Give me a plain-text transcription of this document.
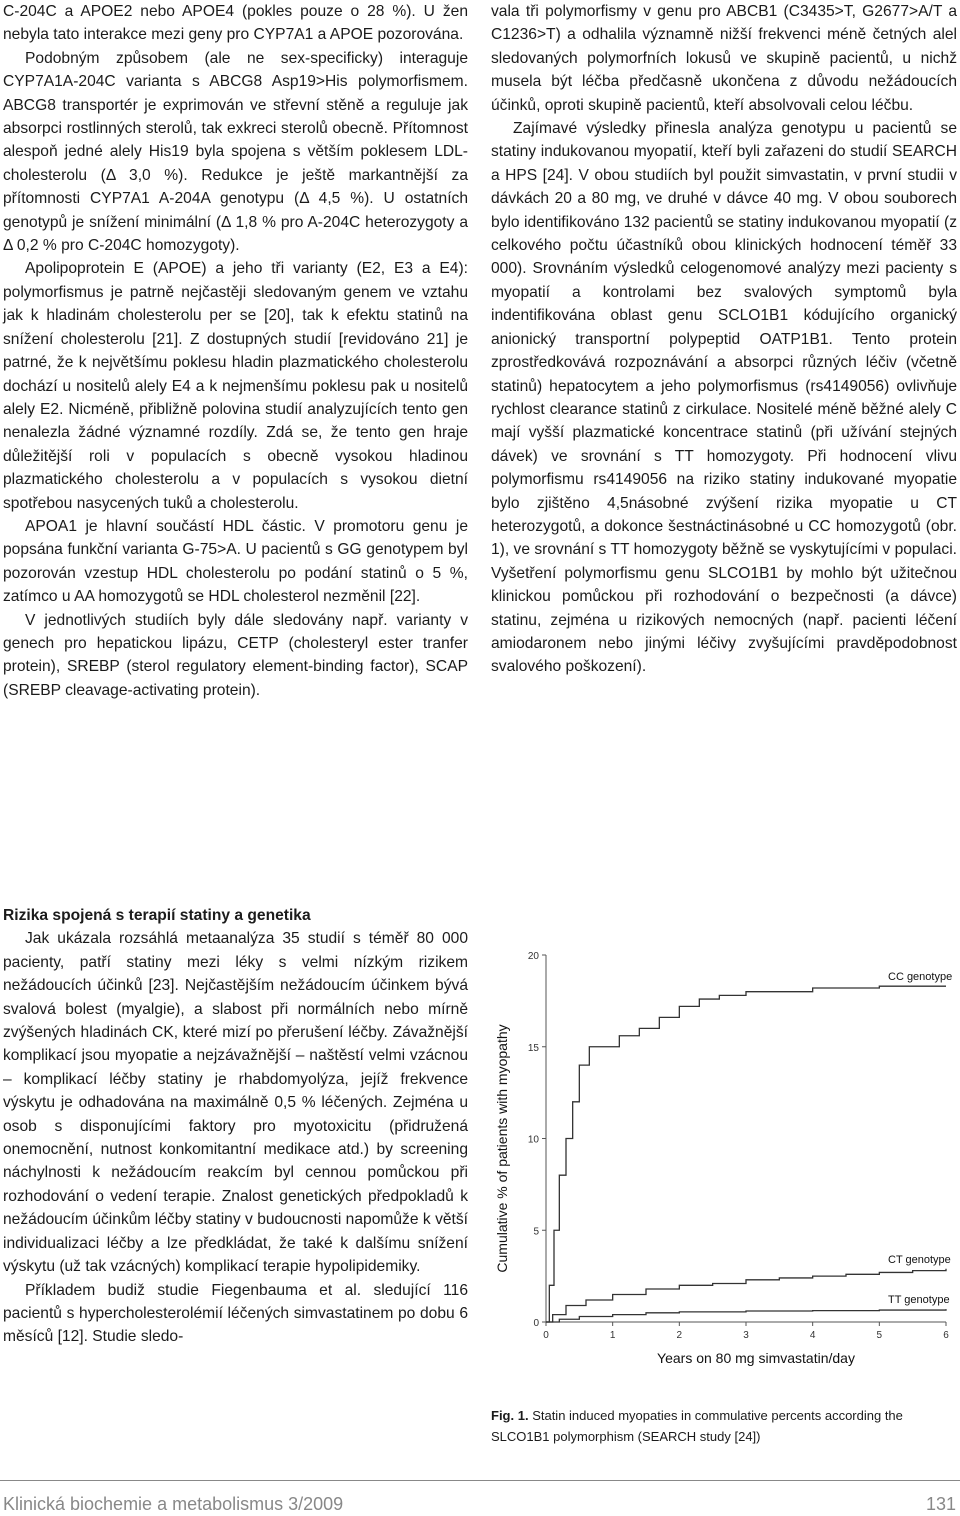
C-204C a APOE2 nebo APOE4 (pokles pouze o 28 %). U žen nebyla tato interakce mezi geny pro CYP7A1 a APOE pozorována.

Podobným způsobem (ale ne sex-specificky) interaguje CYP7A1A-204C varianta s ABCG8 Asp19>His polymorfismem. ABCG8 transportér je exprimován ve střevní stěně a reguluje jak absorpci rostlinných sterolů, tak exkreci sterolů obecně. Přítomnost alespoň jedné alely His19 byla spojena s větším poklesem LDL-cholesterolu (Δ 3,0 %). Redukce je ještě markantnější za přítomnosti CYP7A1 A-204A genotypu (Δ 4,5 %). U ostatních genotypů je snížení minimální (Δ 1,8 % pro A-204C heterozygoty a Δ 0,2 % pro C-204C homozygoty).

Apolipoprotein E (APOE) a jeho tři varianty (E2, E3 a E4): polymorfismus je patrně nejčastěji sledovaným genem ve vztahu jak k hladinám cholesterolu per se [20], tak k efektu statinů na snížení cholesterolu [21]. Z dostupných studií [revidováno 21] je patrné, že k největšímu poklesu hladin plazmatického cholesterolu dochází u nositelů alely E4 a k nejmenšímu poklesu pak u nositelů alely E2. Nicméně, přibližně polovina studií analyzujících tento gen nenalezla žádné významné rozdíly. Zdá se, že tento gen hraje důležitější roli v populacích s obecně vysokou hladinou plazmatického cholesterolu a v populacích s vysokou dietní spotřebou nasycených tuků a cholesterolu.

APOA1 je hlavní součástí HDL částic. V promotoru genu je popsána funkční varianta G-75>A. U pacientů s GG genotypem byl pozorován vzestup HDL cholesterolu po podání statinů o 5 %, zatímco u AA homozygotů se HDL cholesterol nezměnil [22].

V jednotlivých studiích byly dále sledovány např. varianty v genech pro hepatickou lipázu, CETP (cholesteryl ester tranfer protein), SREBP (sterol regulatory element-binding factor), SCAP (SREBP cleavage-activating protein).

Rizika spojená s terapií statiny a genetika

Jak ukázala rozsáhlá metaanalýza 35 studií s téměř 80 000 pacienty, patří statiny mezi léky s velmi nízkým rizikem nežádoucích účinků [23]. Nejčastějším nežádoucím účinkem bývá svalová bolest (myalgie), a slabost při normálních nebo mírně zvýšených hladinách CK, které mizí po přerušení léčby. Závažnější komplikací jsou myopatie a nejzávažnější – naštěstí velmi vzácnou – komplikací léčby statiny je rhabdomyolýza, jejíž frekvence výskytu je odhadována na maximálně 0,5 % léčených. Zejména u osob s disponujícími faktory pro myotoxicitu (přidružená onemocnění, nutnost konkomitantní medikace atd.) by screening náchylnosti k nežádoucím reakcím byl cennou pomůckou při rozhodování o vedení terapie. Znalost genetických předpokladů k nežádoucím účinkům léčby statiny v budoucnosti napomůže k větší individualizaci léčby a lze předkládat, že také k dalšímu snížení výskytu (už tak vzácných) komplikací terapie hypolipidemiky.

Příkladem budiž studie Fiegenbauma et al. sledující 116 pacientů s hypercholesterolémií léčených simvastatinem po dobu 6 měsíců [12]. Studie sledo-

vala tři polymorfismy v genu pro ABCB1 (C3435>T, G2677>A/T a C1236>T) a odhalila významně nižší frekvenci méně četných alel sledovaných polymorfních lokusů ve skupině pacientů, u nichž musela být léčba předčasně ukončena z důvodu nežádoucích účinků, oproti skupině pacientů, kteří absolvovali celou léčbu.

Zajímavé výsledky přinesla analýza genotypu u pacientů se statiny indukovanou myopatií, kteří byli zařazeni do studií SEARCH a HPS [24]. V obou studiích byl použit simvastatin, v první studii v dávkách 20 a 80 mg, ve druhé v dávce 40 mg. V obou souborech bylo identifikováno 132 pacientů se statiny indukovanou myopatií (z celkového počtu účastníků obou klinických hodnocení téměř 33 000). Srovnáním výsledků celogenomové analýzy mezi pacienty s myopatií a kontrolami bez svalových symptomů byla indentifikována oblast genu SCLO1B1 kódujícího organický anionický transportní polypeptid OATP1B1. Tento protein zprostředkovává rozpoznávání a absorpci různých léčiv (včetně statinů) hepatocytem a jeho polymorfismus (rs4149056) ovlivňuje rychlost clearance statinů z cirkulace. Nositelé méně běžné alely C mají vyšší plazmatické koncentrace statinů (při užívání stejných dávek) ve srovnání s TT homozygoty. Při hodnocení vlivu polymorfismu rs4149056 na riziko statiny indukované myopatie bylo zjištěno 4,5násobné zvýšení rizika myopatie u CT heterozygotů, a dokonce šestnáctinásobné u CC homozygotů (obr. 1), ve srovnání s TT homozygoty běžně se vyskytujícími v populaci. Vyšetření polymorfismu genu SLCO1B1 by mohlo být užitečnou klinickou pomůckou při rozhodování o bezpečnosti (a dávce) statinu, zejména u rizikových nemocných (např. pacienti léčení amiodaronem nebo jinými léčivy zvyšujícími pravděpodobnost svalového poškození).

0
5
10
15
20
0	1	2	3	4	5	6
Years on 80 mg simvastatin/day
Cumulative % of patients with myopathy
CC genotype
CT genotype
TT genotype
Fig. 1. Statin induced myopaties in commulative percents according the SLCO1B1 polymorphism (SEARCH study [24])
Klinická biochemie a metabolismus 3/2009	131
